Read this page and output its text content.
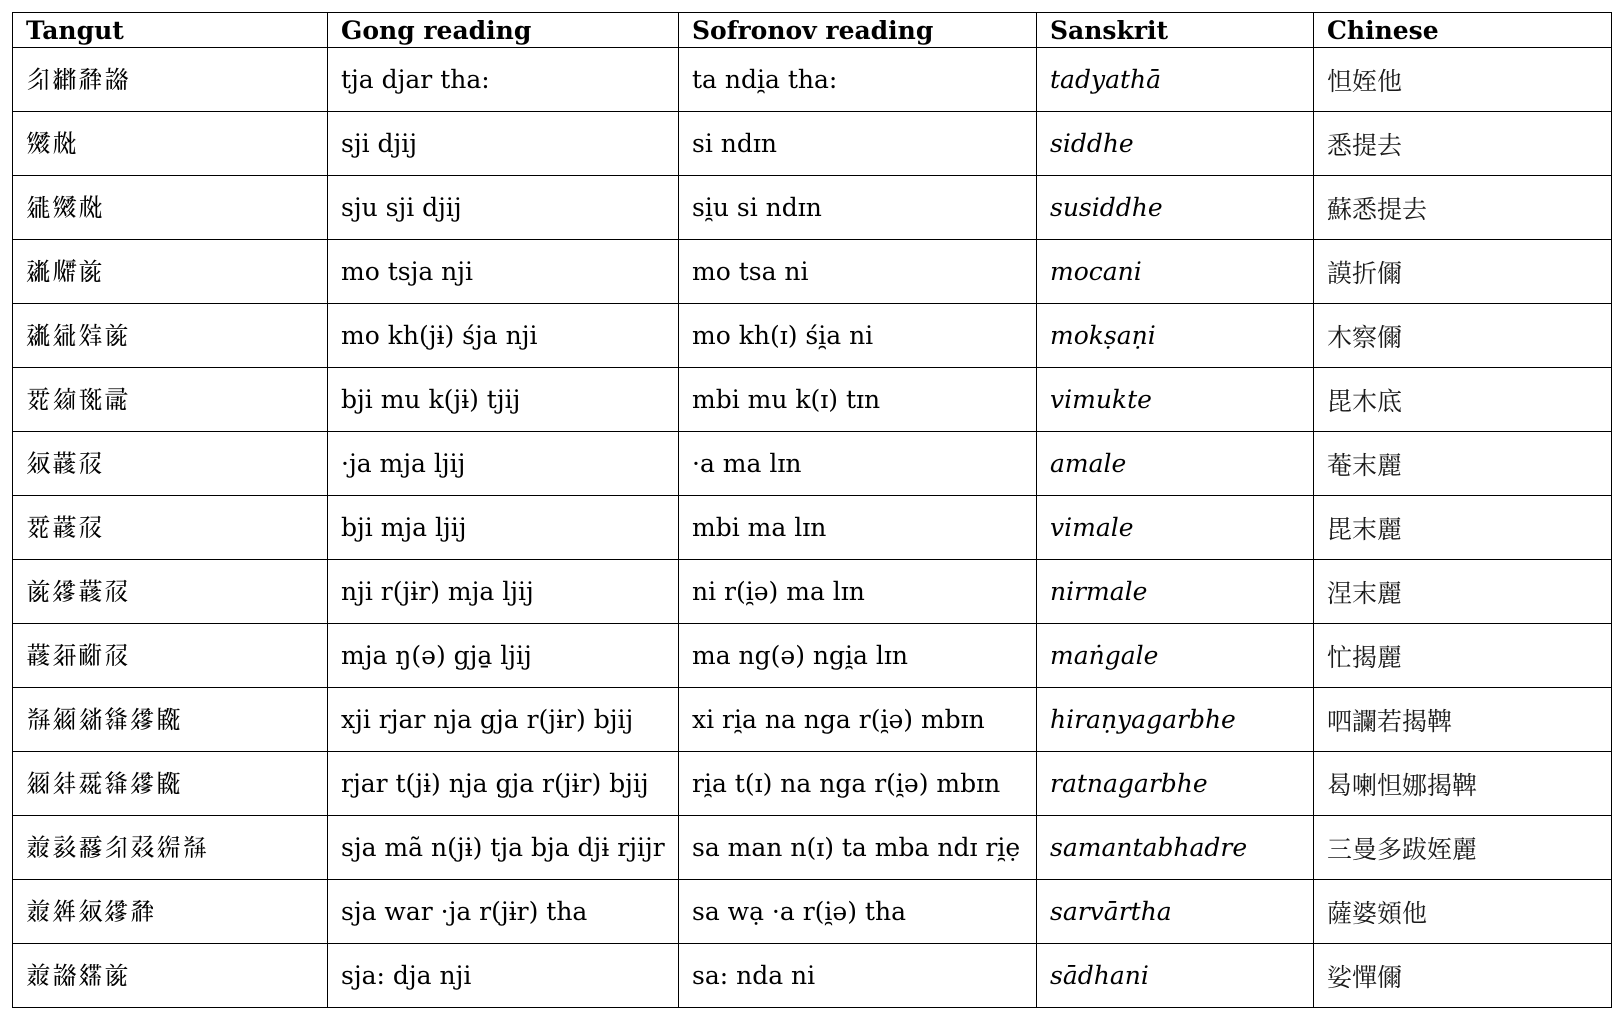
Tangut	Gong reading	Sofronov reading	Sanskrit	Chinese
𗼃𘂤𗴂𘀗	tja djar tha:	ta ndi̯a tha:	tadyathā	怛姪他
𗌒𗍬	sji djij	si ndɪn	siddhe	悉提去
𗧓𗌒𗍬	sju sji djij	si̯u si ndɪn	susiddhe	蘇悉提去
𗡶𗆞𗐯	mo tsja nji	mo tsa ni	mocani	謨折儞
𗡶𗣼𗽅𗐯	mo kh(jɨ) śja nji	mo kh(ɪ) śi̯a ni	mokṣaṇi	木察儞
𗴲𗦻𗍊𗕕	bji mu k(jɨ) tjij	mbi mu k(ɪ) tɪn	vimukte	毘木底
𗢸𗞞𗗘	·ja mja ljij	·a ma lɪn	amale	菴末麗
𗴲𗞞𗗘	bji mja ljij	mbi ma lɪn	vimale	毘末麗
𗐯𗧘𗞞𗗘	nji r(jɨr) mja ljij	ni r(i̯ə) ma lɪn	nirmale	涅末麗
𗞞𗳜𗠁𗗘	mja ŋ(ə) gja̱ ljij	ma ng(ə) ngi̯a lɪn	maṅgale	忙揭麗
𘃣𗥃𗣫𗌭𗧘𗺀	xji rjar nja gja r(jɨr) bjij	xi ri̯a na nga r(i̯ə) mbɪn	hiraṇyagarbhe	呬讕若揭鞞
𗥃𗢳𗴺𗌭𗧘𗺀	rjar t(jɨ) nja gja r(jɨr) bjij	ri̯a t(ɪ) na nga r(i̯ə) mbɪn	ratnagarbhe	曷喇怛娜揭鞞
𗓱𗙷𗵒𗼃𘄴𗦆𘃣	sja mã n(jɨ) tja bja djɨ rjijr	sa man n(ɪ) ta mba ndɪ ri̯ẹ	samantabhadre	三曼多跋姪麗
𗓱𗤶𗢸𗧘𗴂	sja war ·ja r(jɨr) tha	sa wạ ·a r(i̯ə) tha	sarvārtha	薩婆頞他
𗓱𘀗𗿒𗐯	sja: dja nji	sa: nda ni	sādhani	娑憚儞
